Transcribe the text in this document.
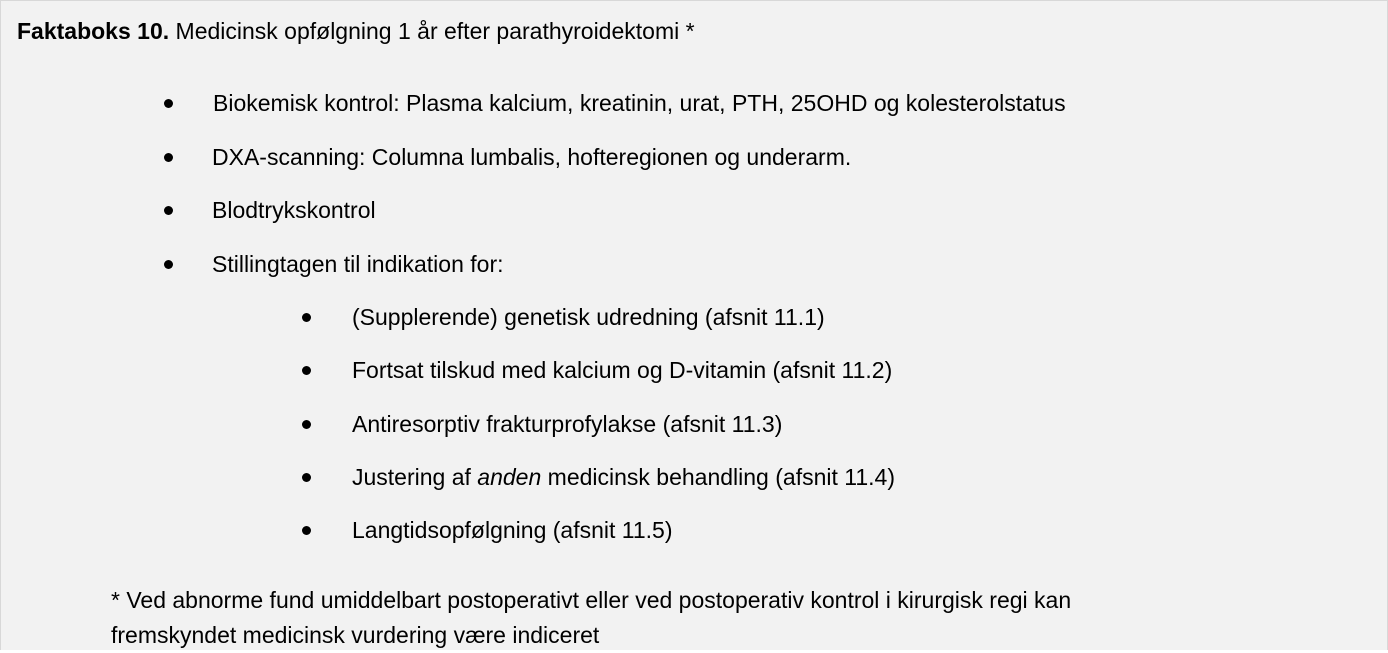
Faktaboks 10. Medicinsk opfølgning 1 år efter parathyroidektomi *
Biokemisk kontrol: Plasma kalcium, kreatinin, urat, PTH, 25OHD og kolesterolstatus
DXA-scanning: Columna lumbalis, hofteregionen og underarm.
Blodtrykskontrol
Stillingtagen til indikation for:
(Supplerende) genetisk udredning (afsnit 11.1)
Fortsat tilskud med kalcium og D-vitamin (afsnit 11.2)
Antiresorptiv frakturprofylakse (afsnit 11.3)
Justering af anden medicinsk behandling (afsnit 11.4)
Langtidsopfølgning (afsnit 11.5)
* Ved abnorme fund umiddelbart postoperativt eller ved postoperativ kontrol i kirurgisk regi kan
fremskyndet medicinsk vurdering være indiceret
